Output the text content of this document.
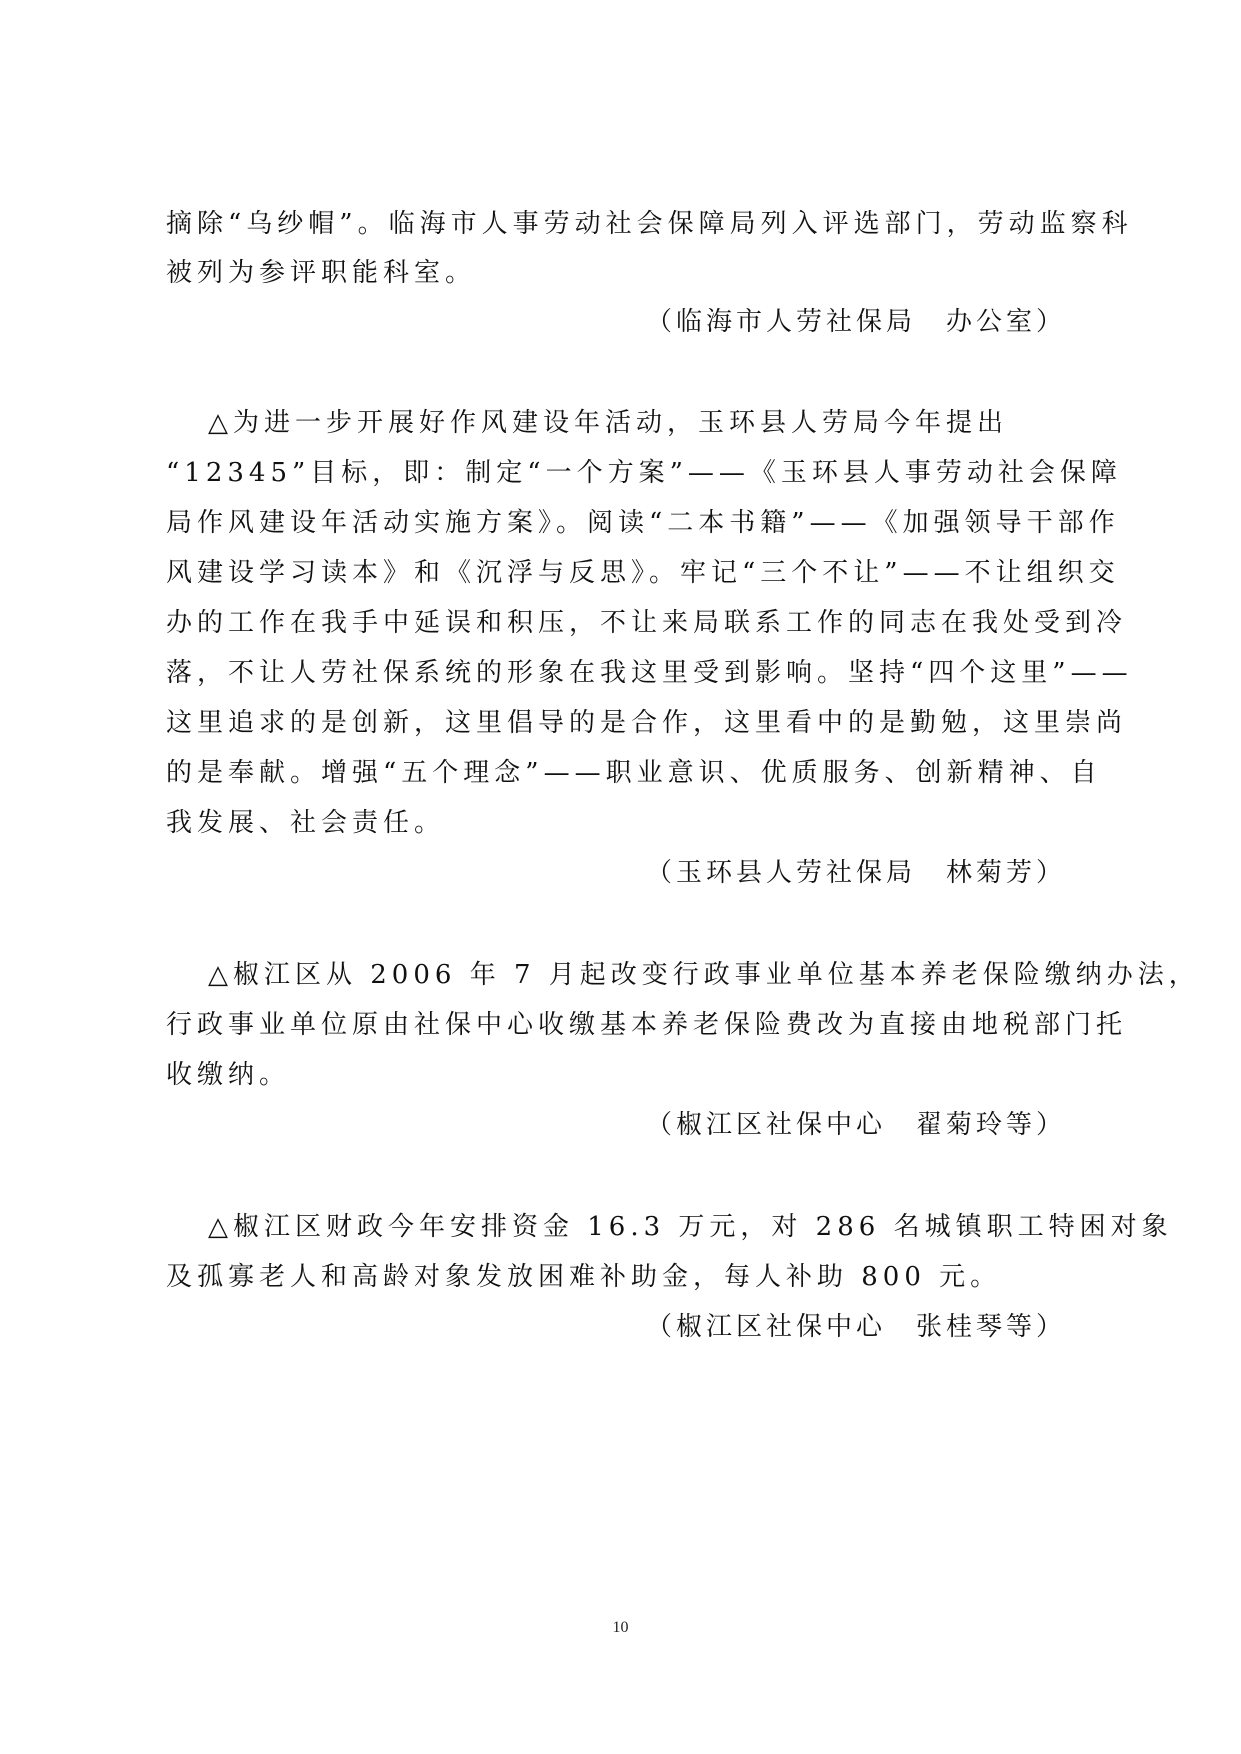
摘除“乌纱帽”。临海市人事劳动社会保障局列入评选部门，劳动监察科
被列为参评职能科室。
（临海市人劳社保局 办公室）
△为进一步开展好作风建设年活动，玉环县人劳局今年提出
“12345”目标，即：制定“一个方案”——《玉环县人事劳动社会保障
局作风建设年活动实施方案》。阅读“二本书籍”——《加强领导干部作
风建设学习读本》和《沉浮与反思》。牢记“三个不让”——不让组织交
办的工作在我手中延误和积压，不让来局联系工作的同志在我处受到冷
落，不让人劳社保系统的形象在我这里受到影响。坚持“四个这里”——
这里追求的是创新，这里倡导的是合作，这里看中的是勤勉，这里崇尚
的是奉献。增强“五个理念”——职业意识、优质服务、创新精神、自
我发展、社会责任。
（玉环县人劳社保局 林菊芳）
△椒江区从 2006 年 7 月起改变行政事业单位基本养老保险缴纳办法，
行政事业单位原由社保中心收缴基本养老保险费改为直接由地税部门托
收缴纳。
（椒江区社保中心 翟菊玲等）
△椒江区财政今年安排资金 16.3 万元，对 286 名城镇职工特困对象
及孤寡老人和高龄对象发放困难补助金，每人补助 800 元。
（椒江区社保中心 张桂琴等）
10
